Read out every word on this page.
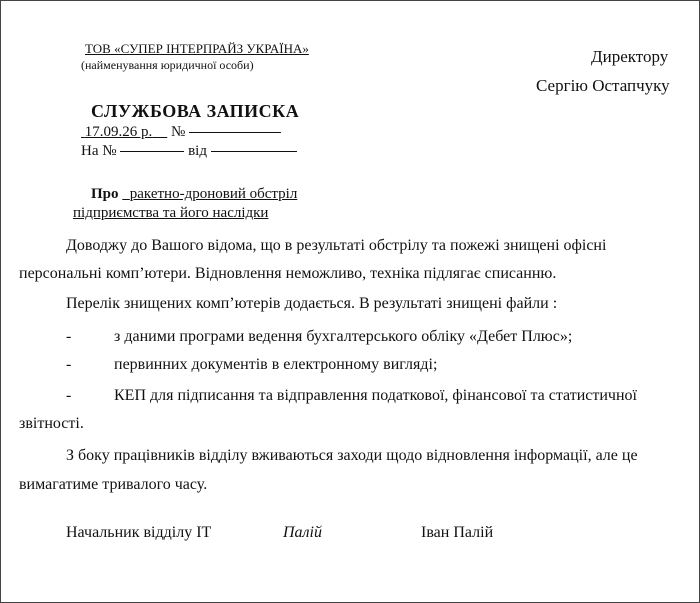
ТОВ «СУПЕР ІНТЕРПРАЙЗ УКРАЇНА»
(найменування юридичної особи)	Директору
Сергію Остапчуку
СЛУЖБОВА ЗАПИСКА
17.09.26 р. №
На №	від
Про ракетно-дроновий обстріл
підприємства та його наслідки
Доводжу до Вашого відома, що в результаті обстрілу та пожежі знищені офісні
персональні комп’ютери. Відновлення неможливо, техніка підлягає списанню.
Перелік знищених комп’ютерів додається. В результаті знищені файли :
-	з даними програми ведення бухгалтерського обліку «Дебет Плюс»;
-	первинних документів в електронному вигляді;
-	КЕП для підписання та відправлення податкової, фінансової та статистичної
звітності.
З боку працівників відділу вживаються заходи щодо відновлення інформації, але це
вимагатиме тривалого часу.
Начальник відділу ІТ	Палій	Іван Палій
